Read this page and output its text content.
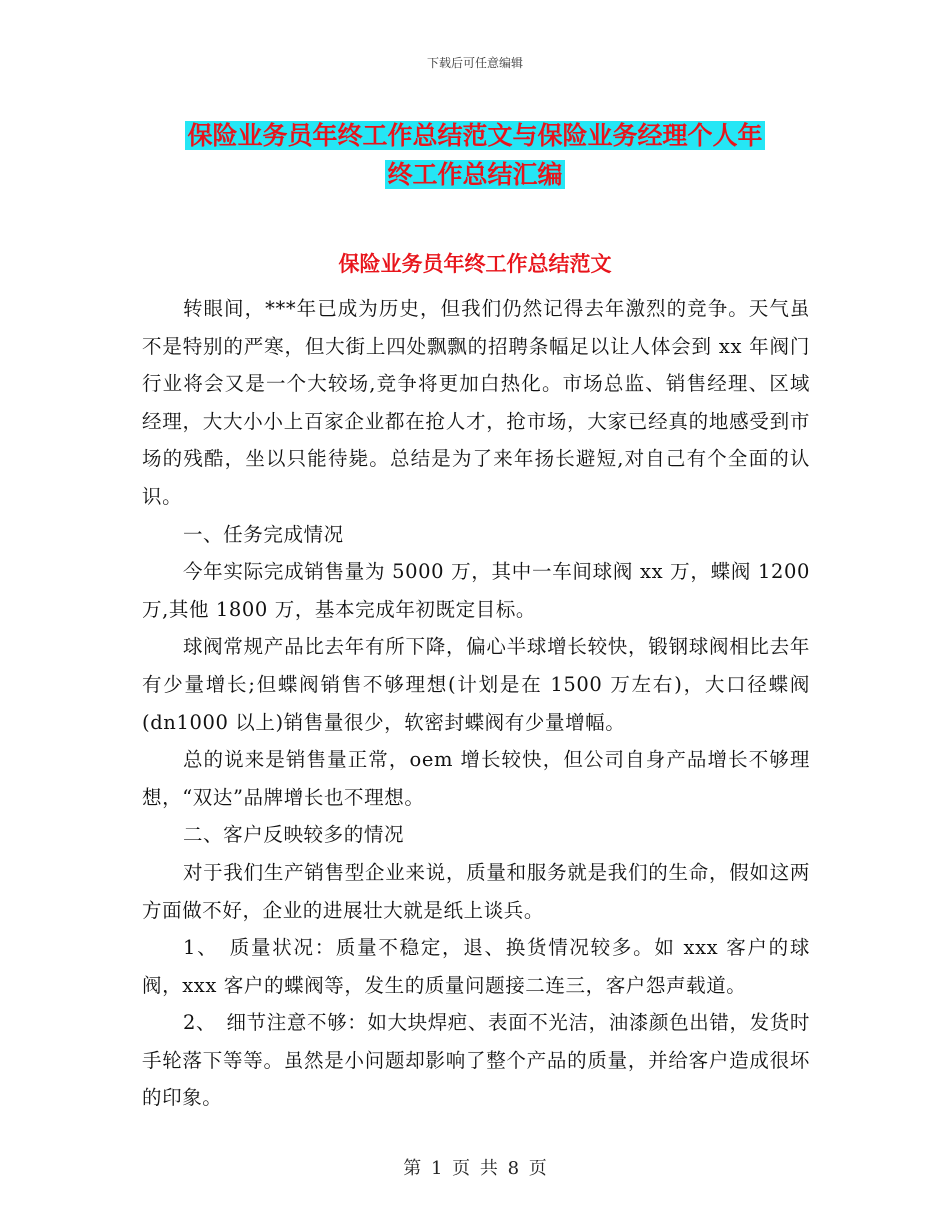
下载后可任意编辑
保险业务员年终工作总结范文与保险业务经理个人年
终工作总结汇编
保险业务员年终工作总结范文

转眼间，***年已成为历史，但我们仍然记得去年激烈的竞争。天气虽不是特别的严寒，但大街上四处飘飘的招聘条幅足以让人体会到 xx 年阀门行业将会又是一个大较场,竞争将更加白热化。市场总监、销售经理、区域经理，大大小小上百家企业都在抢人才，抢市场，大家已经真的地感受到市场的残酷，坐以只能待毙。总结是为了来年扬长避短,对自己有个全面的认识。

一、任务完成情况

今年实际完成销售量为 5000 万，其中一车间球阀 xx 万，蝶阀 1200 万,其他 1800 万，基本完成年初既定目标。

球阀常规产品比去年有所下降，偏心半球增长较快，锻钢球阀相比去年有少量增长;但蝶阀销售不够理想(计划是在 1500 万左右)，大口径蝶阀(dn1000 以上)销售量很少，软密封蝶阀有少量增幅。

总的说来是销售量正常，oem 增长较快，但公司自身产品增长不够理想，“双达”品牌增长也不理想。

二、客户反映较多的情况

对于我们生产销售型企业来说，质量和服务就是我们的生命，假如这两方面做不好，企业的进展壮大就是纸上谈兵。

1、　质量状况：质量不稳定，退、换货情况较多。如 xxx 客户的球阀，xxx 客户的蝶阀等，发生的质量问题接二连三，客户怨声载道。

2、　细节注意不够：如大块焊疤、表面不光洁，油漆颜色出错，发货时手轮落下等等。虽然是小问题却影响了整个产品的质量，并给客户造成很坏的印象。

第 1 页 共 8 页
